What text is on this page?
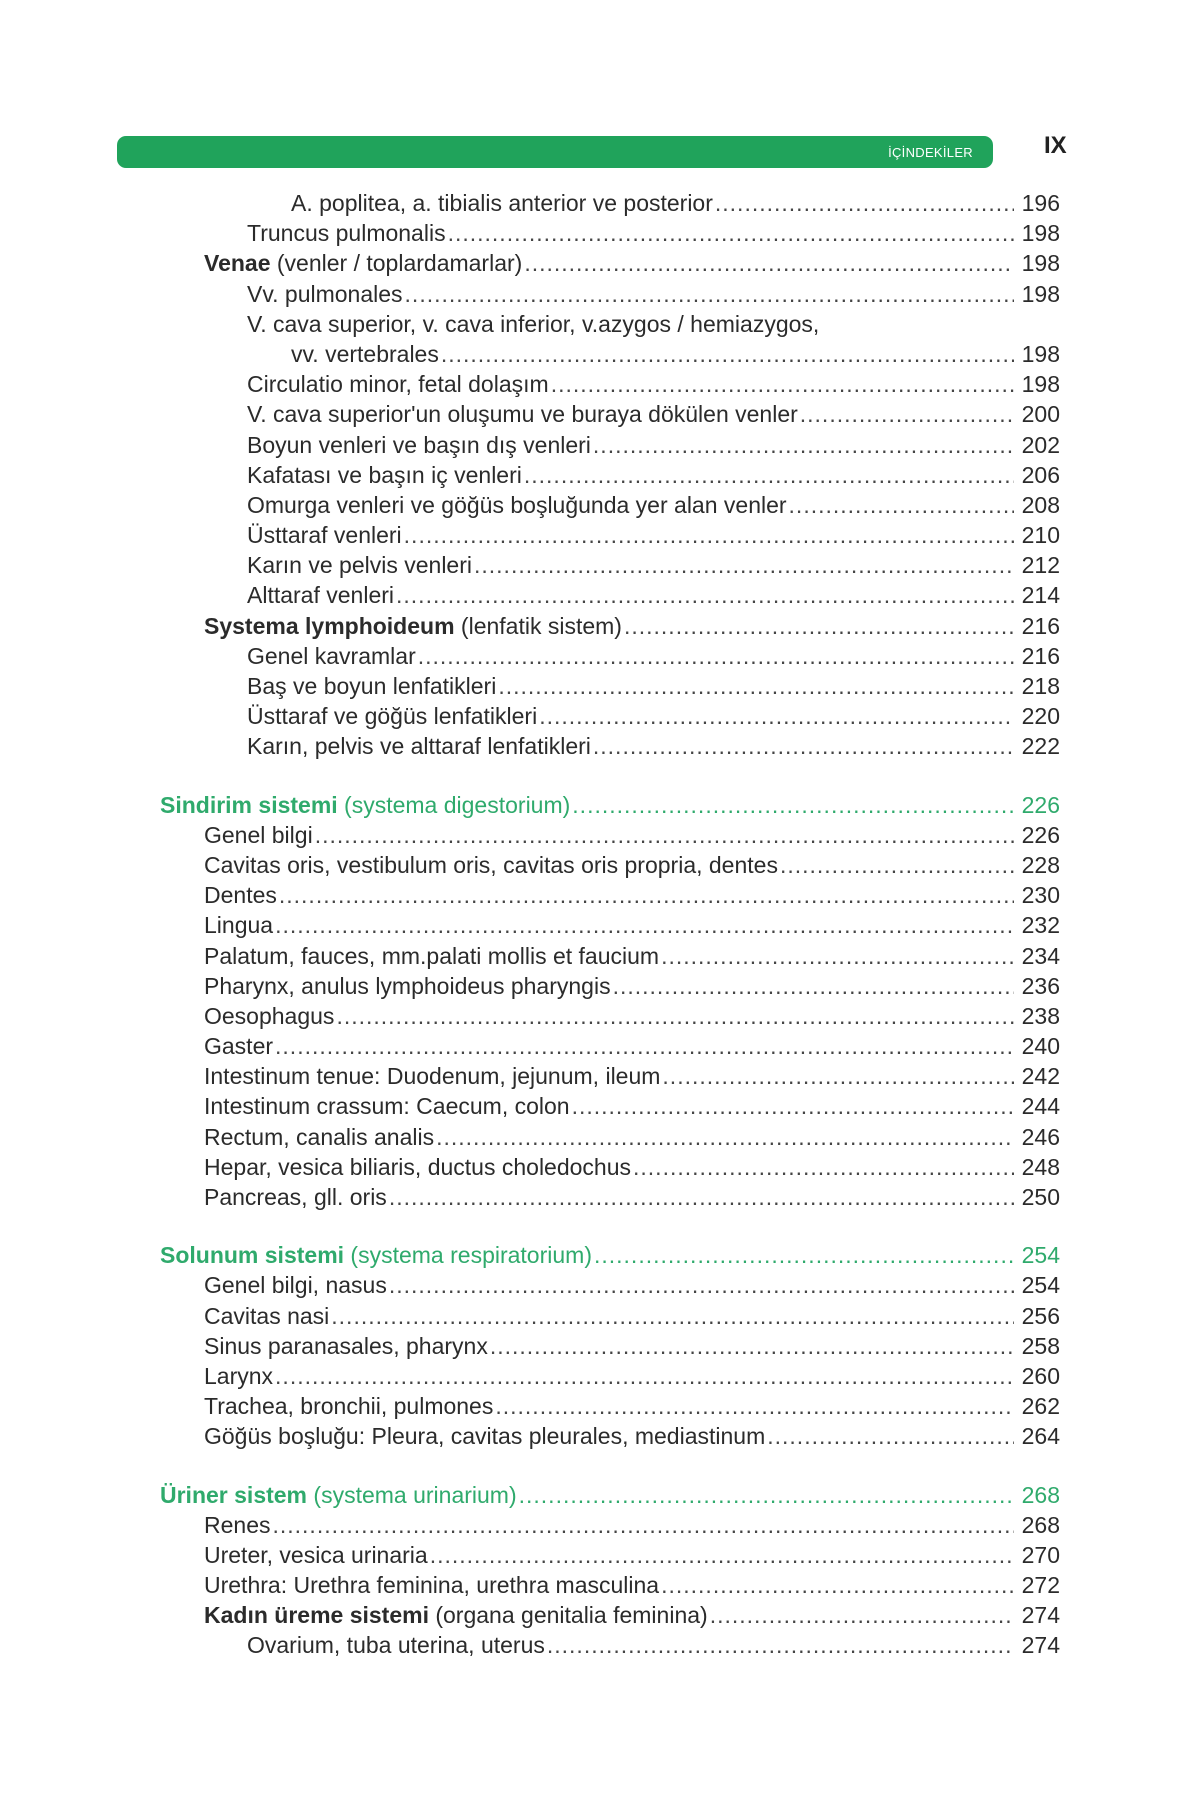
İÇİNDEKİLER	IX
A. poplitea, a. tibialis anterior ve posterior .....	196
Truncus pulmonalis .....	198
Venae (venler / toplardamarlar) .....	198
Vv. pulmonales .....	198
V. cava superior, v. cava inferior, v.azygos / hemiazygos,
vv. vertebrales .....	198
Circulatio minor, fetal dolaşım .....	198
V. cava superior'un oluşumu ve buraya dökülen venler .....	200
Boyun venleri ve başın dış venleri .....	202
Kafatası ve başın iç venleri .....	206
Omurga venleri ve göğüs boşluğunda yer alan venler .....	208
Üsttaraf venleri .....	210
Karın ve pelvis venleri .....	212
Alttaraf venleri .....	214
Systema lymphoideum (lenfatik sistem) .....	216
Genel kavramlar .....	216
Baş ve boyun lenfatikleri .....	218
Üsttaraf ve göğüs lenfatikleri .....	220
Karın, pelvis ve alttaraf lenfatikleri .....	222
Sindirim sistemi (systema digestorium) .....	226
Genel bilgi .....	226
Cavitas oris, vestibulum oris, cavitas oris propria, dentes .....	228
Dentes .....	230
Lingua .....	232
Palatum, fauces, mm.palati mollis et faucium .....	234
Pharynx, anulus lymphoideus pharyngis .....	236
Oesophagus .....	238
Gaster .....	240
Intestinum tenue: Duodenum, jejunum, ileum .....	242
Intestinum crassum: Caecum, colon .....	244
Rectum, canalis analis .....	246
Hepar, vesica biliaris, ductus choledochus .....	248
Pancreas, gll. oris .....	250
Solunum sistemi (systema respiratorium) .....	254
Genel bilgi, nasus .....	254
Cavitas nasi .....	256
Sinus paranasales, pharynx .....	258
Larynx .....	260
Trachea, bronchii, pulmones .....	262
Göğüs boşluğu: Pleura, cavitas pleurales, mediastinum .....	264
Üriner sistem (systema urinarium) .....	268
Renes .....	268
Ureter, vesica urinaria .....	270
Urethra: Urethra feminina, urethra masculina .....	272
Kadın üreme sistemi (organa genitalia feminina) .....	274
Ovarium, tuba uterina, uterus .....	274
